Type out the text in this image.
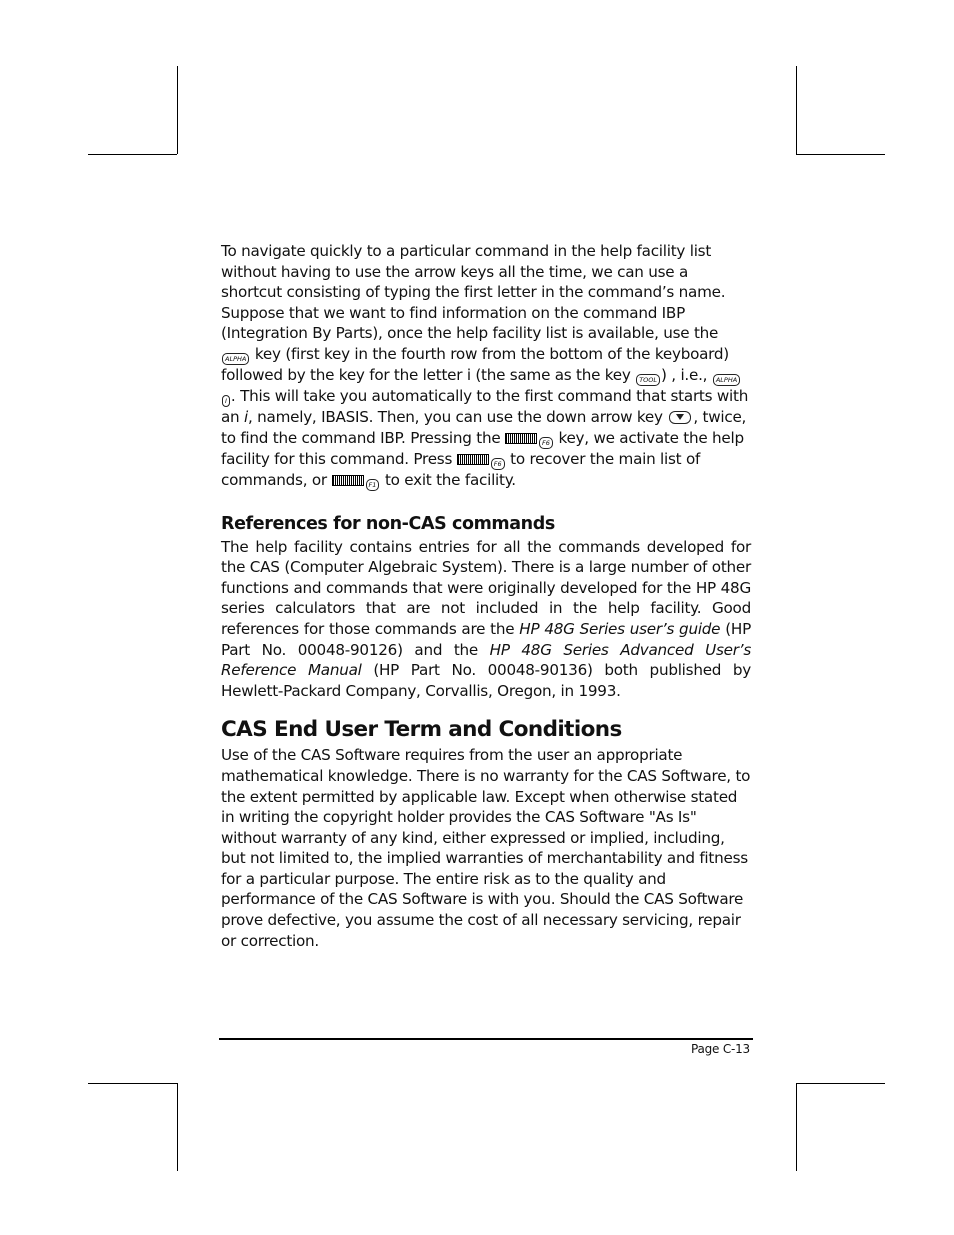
To navigate quickly to a particular command in the help facility list without having to use the arrow keys all the time, we can use a shortcut consisting of typing the first letter in the command’s name. Suppose that we want to find information on the command IBP (Integration By Parts), once the help facility list is available, use the ALPHA key (first key in the fourth row from the bottom of the keyboard) followed by the key for the letter i (the same as the key TOOL ) , i.e., ALPHAI . This will take you automatically to the first command that starts with an i, namely, IBASIS. Then, you can use the down arrow key , twice, to find the command IBP. Pressing the	F6 key, we activate the help facility for this command. Press	F6 to recover the main list of commands, or	F1 to exit the facility.

References for non-CAS commands

The help facility contains entries for all the commands developed for the CAS (Computer Algebraic System). There is a large number of other functions and commands that were originally developed for the HP 48G series calculators that are not included in the help facility. Good references for those commands are the HP 48G Series user’s guide (HP Part No. 00048-90126) and the HP 48G Series Advanced User’s Reference Manual (HP Part No. 00048-90136) both published by Hewlett-Packard Company, Corvallis, Oregon, in 1993.

CAS End User Term and Conditions

Use of the CAS Software requires from the user an appropriate mathematical knowledge. There is no warranty for the CAS Software, to the extent permitted by applicable law. Except when otherwise stated in writing the copyright holder provides the CAS Software "As Is" without warranty of any kind, either expressed or implied, including, but not limited to, the implied warranties of merchantability and fitness for a particular purpose. The entire risk as to the quality and performance of the CAS Software is with you. Should the CAS Software prove defective, you assume the cost of all necessary servicing, repair or correction.

Page C-13
